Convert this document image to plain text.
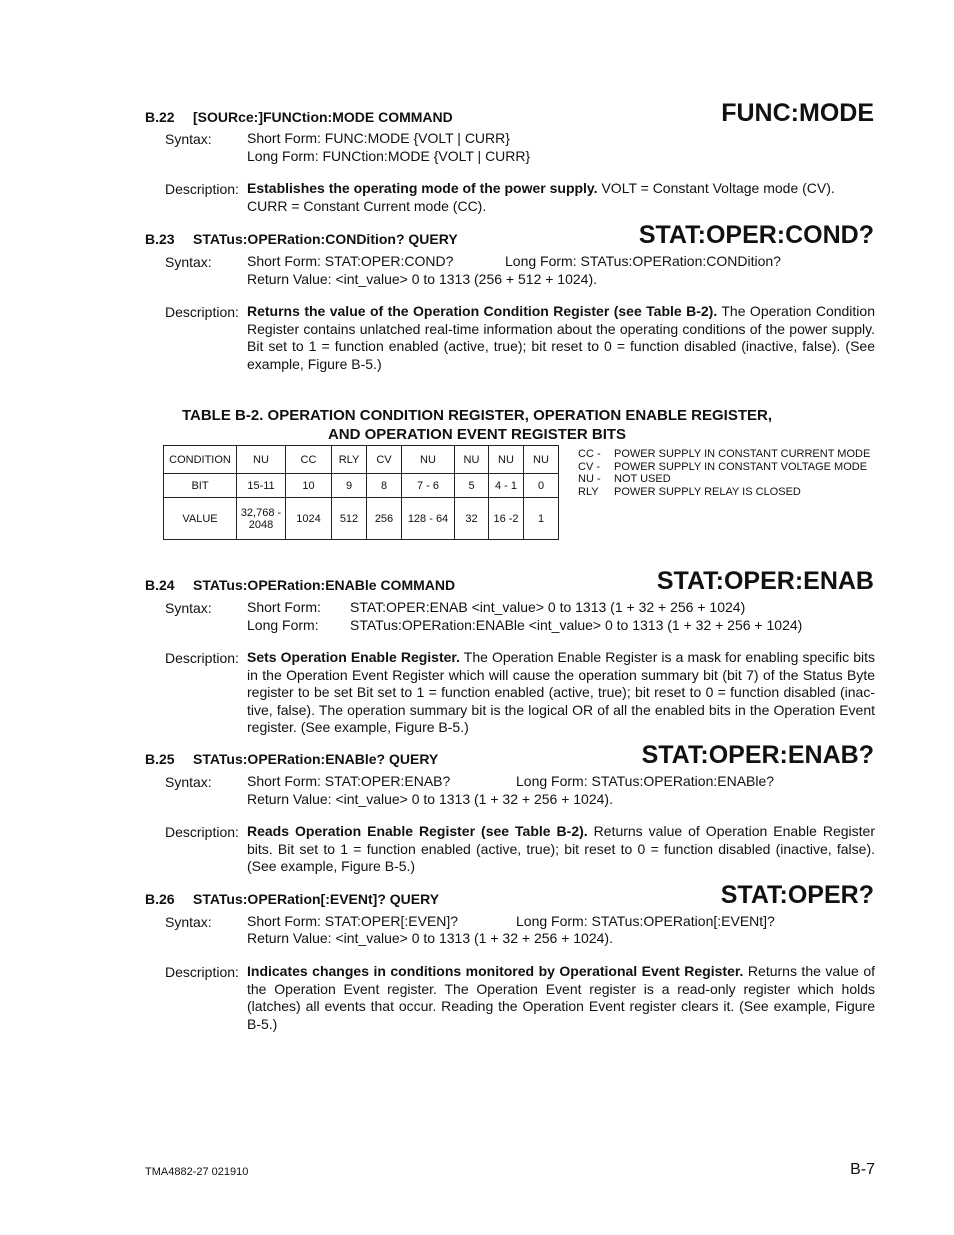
B.22 [SOURce:]FUNCtion:MODE COMMAND	FUNC:MODE
Syntax:	Short Form: FUNC:MODE {VOLT | CURR}
Long Form: FUNCtion:MODE {VOLT | CURR}
Description: Establishes the operating mode of the power supply. VOLT = Constant Voltage mode (CV).
CURR = Constant Current mode (CC).
B.23 STATus:OPERation:CONDition? QUERY	STAT:OPER:COND?
Syntax:	Short Form: STAT:OPER:COND?	Long Form: STATus:OPERation:CONDition?
Return Value: <int_value> 0 to 1313 (256 + 512 + 1024).
Description: Returns the value of the Operation Condition Register (see Table B-2). The Operation Condition Register contains unlatched real-time information about the operating conditions of the power supply. Bit set to 1 = function enabled (active, true); bit reset to 0 = function disabled (inactive, false). (See example, Figure B-5.)
TABLE B-2. OPERATION CONDITION REGISTER, OPERATION ENABLE REGISTER,
AND OPERATION EVENT REGISTER BITS
CONDITION	NU	CC	RLY	CV	NU	NU	NU	NU
BIT	15-11	10	9	8	7 - 6	5	4 - 1	0
VALUE	32,768 - 2048	1024	512	256	128 - 64	32	16 -2	1
CC - POWER SUPPLY IN CONSTANT CURRENT MODE
CV - POWER SUPPLY IN CONSTANT VOLTAGE MODE
NU - NOT USED
RLY POWER SUPPLY RELAY IS CLOSED
B.24 STATus:OPERation:ENABle COMMAND	STAT:OPER:ENAB
Syntax:	Short Form: STAT:OPER:ENAB <int_value> 0 to 1313 (1 + 32 + 256 + 1024)
Long Form: STATus:OPERation:ENABle <int_value> 0 to 1313 (1 + 32 + 256 + 1024)
Description: Sets Operation Enable Register. The Operation Enable Register is a mask for enabling specific bits in the Operation Event Register which will cause the operation summary bit (bit 7) of the Status Byte register to be set Bit set to 1 = function enabled (active, true); bit reset to 0 = function disabled (inac-tive, false). The operation summary bit is the logical OR of all the enabled bits in the Operation Event register. (See example, Figure B-5.)
B.25 STATus:OPERation:ENABle? QUERY	STAT:OPER:ENAB?
Syntax:	Short Form: STAT:OPER:ENAB?	Long Form: STATus:OPERation:ENABle?
Return Value: <int_value> 0 to 1313 (1 + 32 + 256 + 1024).
Description: Reads Operation Enable Register (see Table B-2). Returns value of Operation Enable Register bits. Bit set to 1 = function enabled (active, true); bit reset to 0 = function disabled (inactive, false). (See example, Figure B-5.)
B.26 STATus:OPERation[:EVENt]? QUERY	STAT:OPER?
Syntax:	Short Form: STAT:OPER[:EVEN]?	Long Form: STATus:OPERation[:EVENt]?
Return Value: <int_value> 0 to 1313 (1 + 32 + 256 + 1024).
Description: Indicates changes in conditions monitored by Operational Event Register. Returns the value of the Operation Event register. The Operation Event register is a read-only register which holds (latches) all events that occur. Reading the Operation Event register clears it. (See example, Figure B-5.)
TMA4882-27 021910	B-7
